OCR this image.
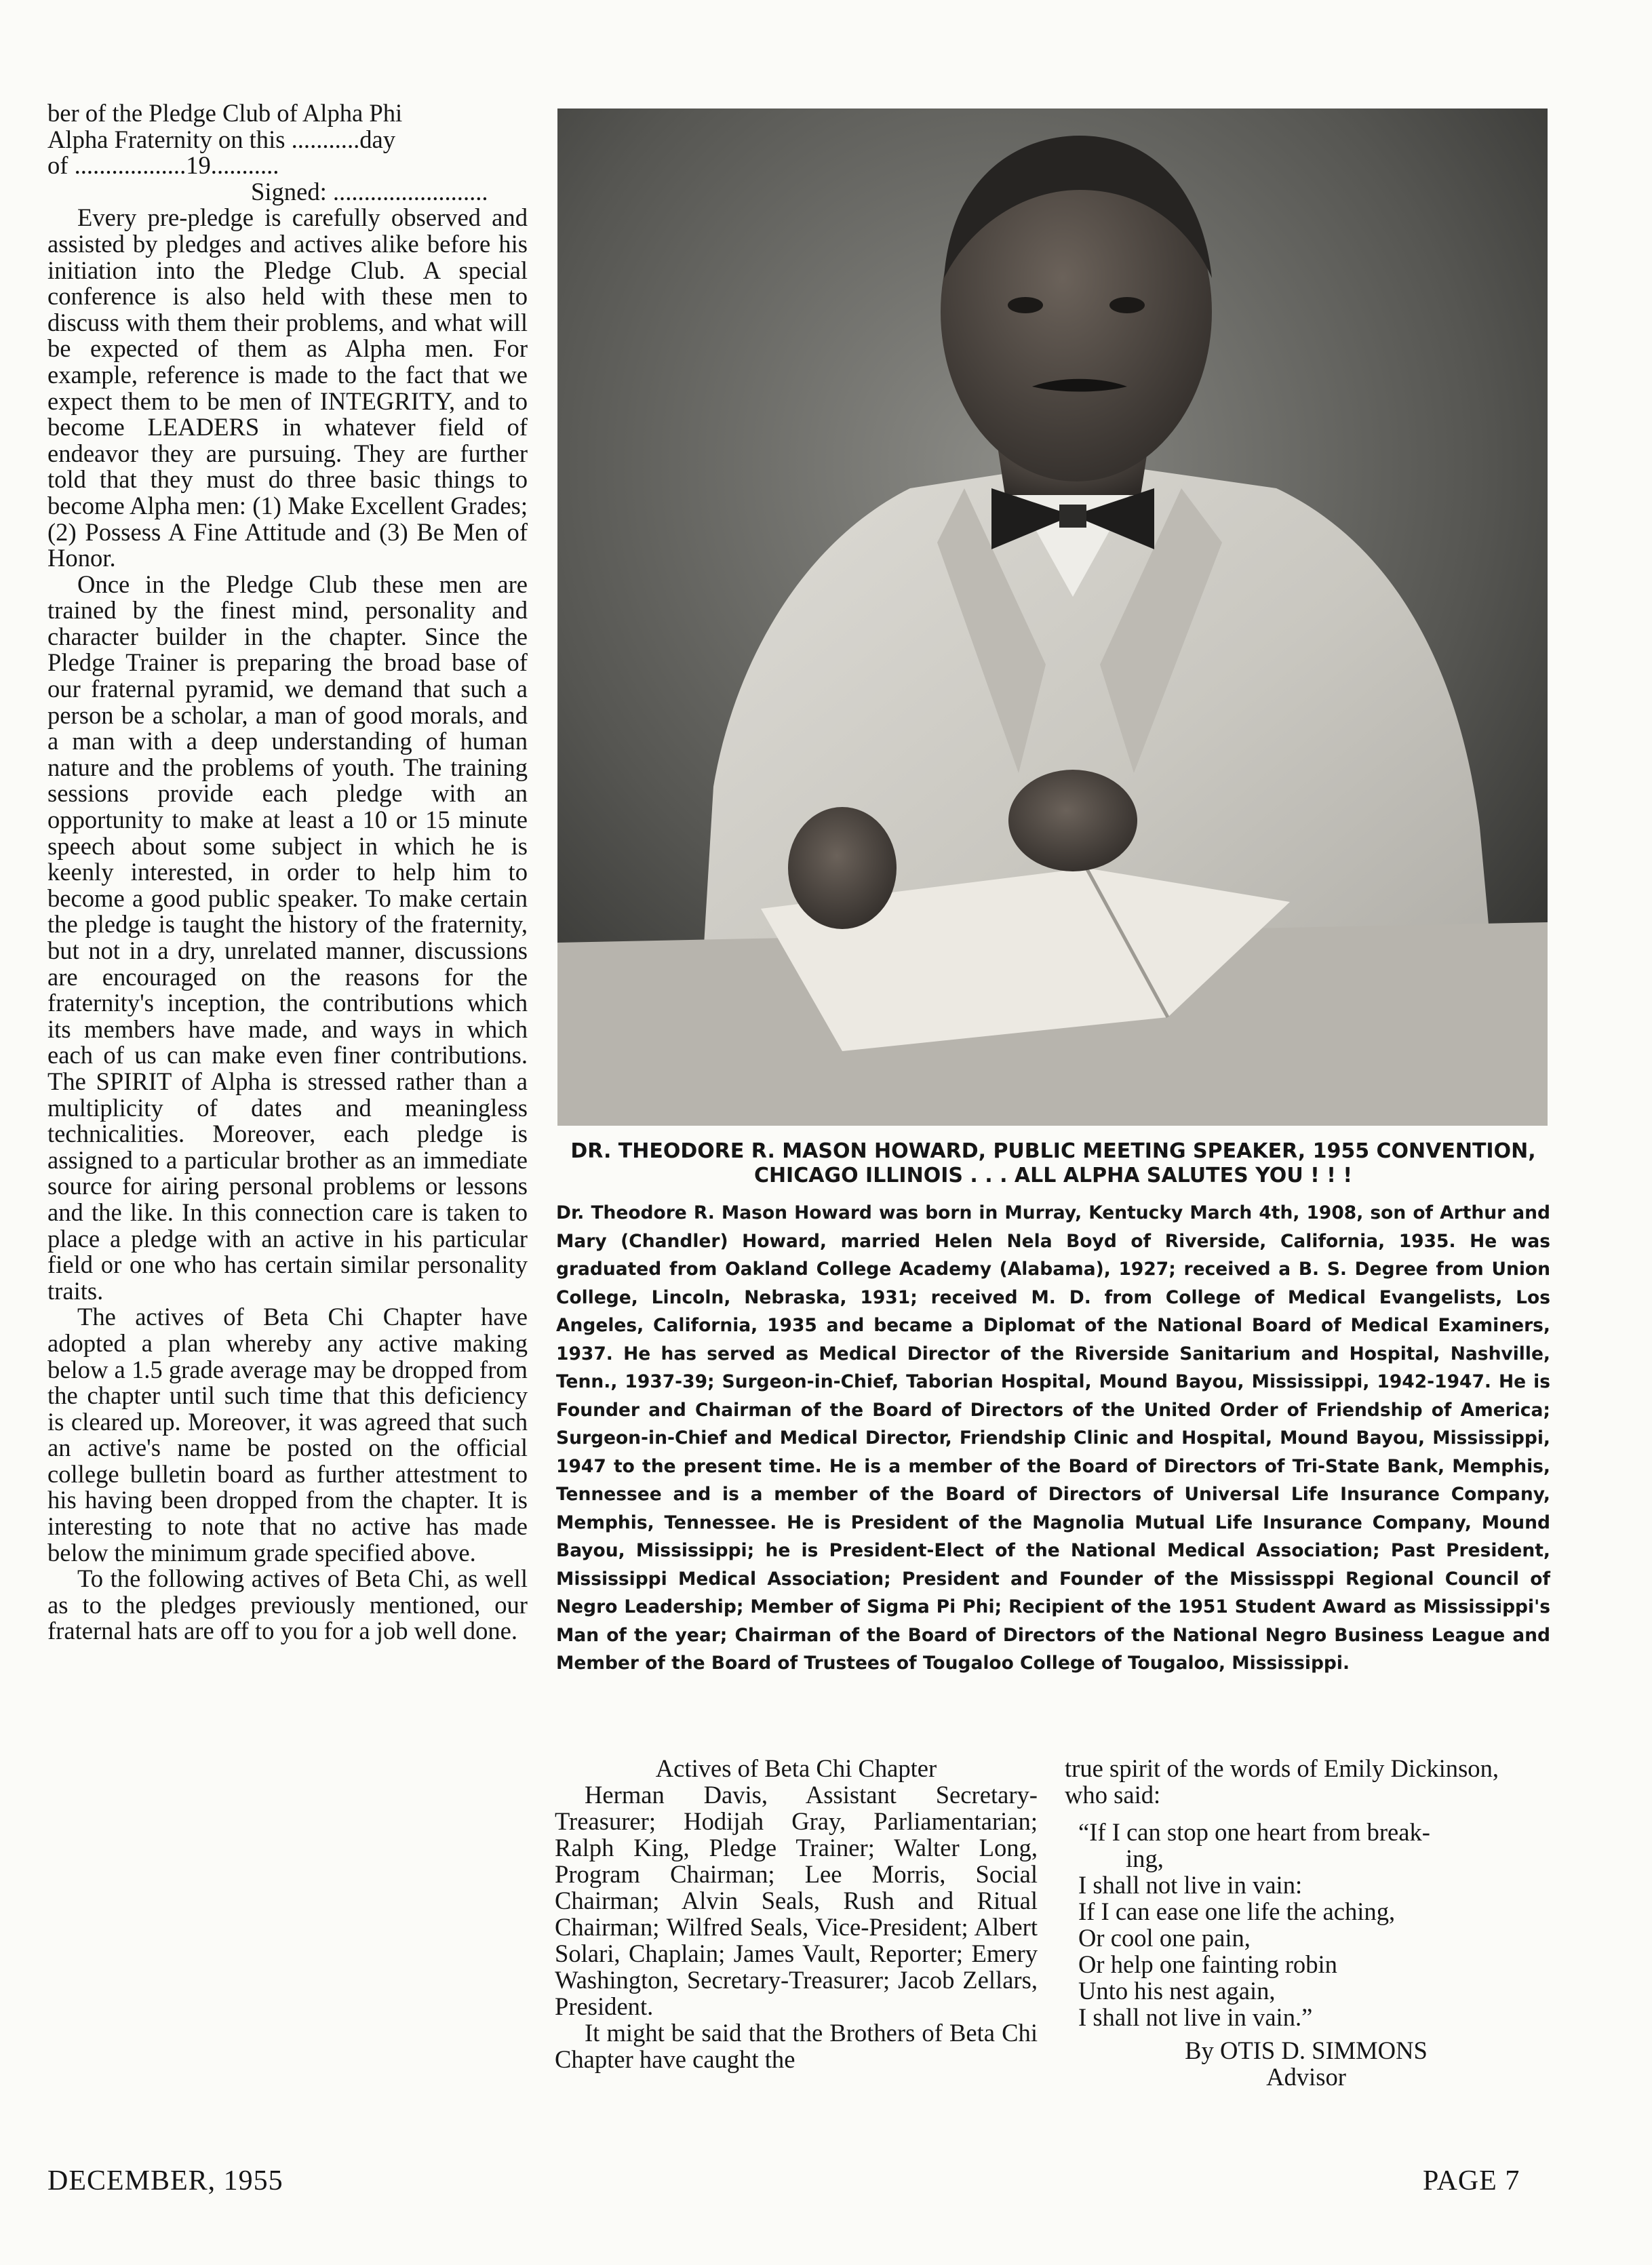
ber of the Pledge Club of Alpha Phi

Alpha Fraternity on this ...........day

of ..................19...........

Signed: .........................

Every pre-pledge is carefully observed and assisted by pledges and actives alike before his initiation into the Pledge Club. A special conference is also held with these men to discuss with them their problems, and what will be expected of them as Alpha men. For example, reference is made to the fact that we expect them to be men of INTEGRITY, and to become LEADERS in whatever field of endeavor they are pursuing. They are further told that they must do three basic things to become Alpha men: (1) Make Excellent Grades; (2) Possess A Fine Attitude and (3) Be Men of Honor.

Once in the Pledge Club these men are trained by the finest mind, personality and character builder in the chapter. Since the Pledge Trainer is preparing the broad base of our fraternal pyramid, we demand that such a person be a scholar, a man of good morals, and a man with a deep understanding of human nature and the problems of youth. The training sessions provide each pledge with an opportunity to make at least a 10 or 15 minute speech about some subject in which he is keenly interested, in order to help him to become a good public speaker. To make certain the pledge is taught the history of the fraternity, but not in a dry, unrelated manner, discussions are encouraged on the reasons for the fraternity's inception, the contributions which its members have made, and ways in which each of us can make even finer contributions. The SPIRIT of Alpha is stressed rather than a multiplicity of dates and meaningless technicalities. Moreover, each pledge is assigned to a particular brother as an immediate source for airing personal problems or lessons and the like. In this connection care is taken to place a pledge with an active in his particular field or one who has certain similar personality traits.

The actives of Beta Chi Chapter have adopted a plan whereby any active making below a 1.5 grade average may be dropped from the chapter until such time that this deficiency is cleared up. Moreover, it was agreed that such an active's name be posted on the official college bulletin board as further attestment to his having been dropped from the chapter. It is interesting to note that no active has made below the minimum grade specified above.

To the following actives of Beta Chi, as well as to the pledges previously mentioned, our fraternal hats are off to you for a job well done.

DR. THEODORE R. MASON HOWARD, PUBLIC MEETING SPEAKER, 1955 CONVENTION,
CHICAGO ILLINOIS . . . ALL ALPHA SALUTES YOU ! ! !

Dr. Theodore R. Mason Howard was born in Murray, Kentucky March 4th, 1908, son of Arthur and Mary (Chandler) Howard, married Helen Nela Boyd of Riverside, California, 1935. He was graduated from Oakland College Academy (Alabama), 1927; received a B. S. Degree from Union College, Lincoln, Nebraska, 1931; received M. D. from College of Medical Evangelists, Los Angeles, California, 1935 and became a Diplomat of the National Board of Medical Examiners, 1937. He has served as Medical Director of the Riverside Sanitarium and Hospital, Nashville, Tenn., 1937-39; Surgeon-in-Chief, Taborian Hospital, Mound Bayou, Mississippi, 1942-1947. He is Founder and Chairman of the Board of Directors of the United Order of Friendship of America; Surgeon-in-Chief and Medical Director, Friendship Clinic and Hospital, Mound Bayou, Mississippi, 1947 to the present time. He is a member of the Board of Directors of Tri-State Bank, Memphis, Tennessee and is a member of the Board of Directors of Universal Life Insurance Company, Memphis, Tennessee. He is President of the Magnolia Mutual Life Insurance Company, Mound Bayou, Mississippi; he is President-Elect of the National Medical Association; Past President, Mississippi Medical Association; President and Founder of the Mississppi Regional Council of Negro Leadership; Member of Sigma Pi Phi; Recipient of the 1951 Student Award as Mississippi's Man of the year; Chairman of the Board of Directors of the National Negro Business League and Member of the Board of Trustees of Tougaloo College of Tougaloo, Mississippi.

Actives of Beta Chi Chapter

Herman Davis, Assistant Secretary-Treasurer; Hodijah Gray, Parliamentarian; Ralph King, Pledge Trainer; Walter Long, Program Chairman; Lee Morris, Social Chairman; Alvin Seals, Rush and Ritual Chairman; Wilfred Seals, Vice-President; Albert Solari, Chaplain; James Vault, Reporter; Emery Washington, Secretary-Treasurer; Jacob Zellars, President.

It might be said that the Brothers of Beta Chi Chapter have caught the

true spirit of the words of Emily Dickinson, who said:

“If I can stop one heart from break-

ing,

I shall not live in vain:

If I can ease one life the aching,

Or cool one pain,

Or help one fainting robin

Unto his nest again,

I shall not live in vain.”

By OTIS D. SIMMONS

Advisor

DECEMBER, 1955	PAGE 7
